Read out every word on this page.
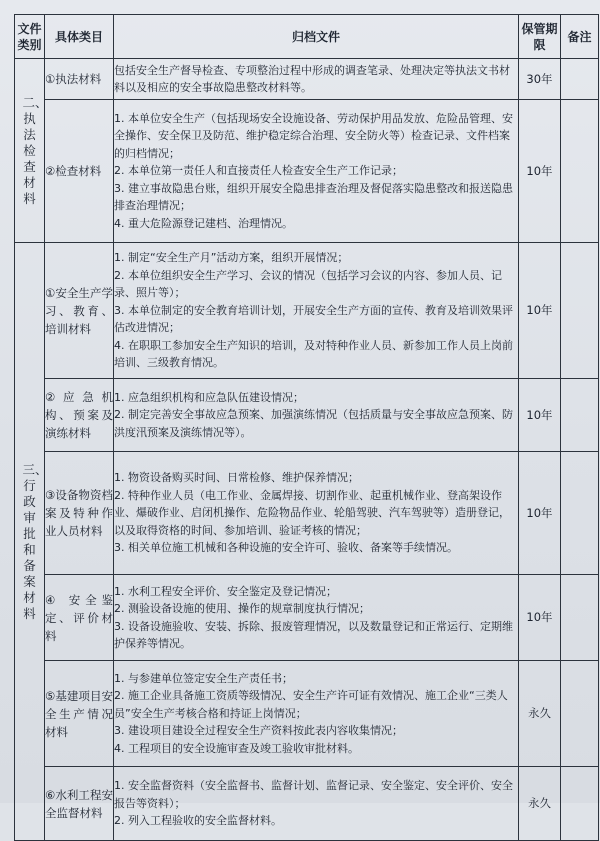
文件类别	具体类目	归档文件	保管期限	备注

二、执法检查材料	①执法材料	包括安全生产督导检查、专项整治过程中形成的调查笔录、处理决定等执法文书材料以及相应的安全事故隐患整改材料等。	30年	
	②检查材料	1. 本单位安全生产（包括现场安全设施设备、劳动保护用品发放、危险品管理、安全操作、安全保卫及防范、维护稳定综合治理、安全防火等）检查记录、文件档案的归档情况；

2. 本单位第一责任人和直接责任人检查安全生产工作记录；

3. 建立事故隐患台账，组织开展安全隐患排查治理及督促落实隐患整改和报送隐患排查治理情况；

4. 重大危险源登记建档、治理情况。	10年	

三、行政审批和备案材料	①安全生产学习、教育、培训材料	1. 制定“安全生产月”活动方案，组织开展情况；

2. 本单位组织安全生产学习、会议的情况（包括学习会议的内容、参加人员、记录、照片等）；

3. 本单位制定的安全教育培训计划，开展安全生产方面的宣传、教育及培训效果评估改进情况；

4. 在职职工参加安全生产知识的培训，及对特种作业人员、新参加工作人员上岗前培训、三级教育情况。	10年	
	② 应 急 机构、预案及演练材料	1. 应急组织机构和应急队伍建设情况；

2. 制定完善安全事故应急预案、加强演练情况（包括质量与安全事故应急预案、防洪度汛预案及演练情况等）。	10年	
	③设备物资档案及特种作业人员材料	1. 物资设备购买时间、日常检修、维护保养情况；

2. 特种作业人员（电工作业、金属焊接、切割作业、起重机械作业、登高架设作业、爆破作业、启闭机操作、危险物品作业、轮船驾驶、汽车驾驶等）造册登记，以及取得资格的时间、参加培训、验证考核的情况；

3. 相关单位施工机械和各种设施的安全许可、验收、备案等手续情况。	10年	
	④ 安全鉴定、评价材料	1. 水利工程安全评价、安全鉴定及登记情况；

2. 测验设备设施的使用、操作的规章制度执行情况；

3. 设备设施验收、安装、拆除、报废管理情况，以及数量登记和正常运行、定期维护保养等情况。	10年	
	⑤基建项目安全生产情况材料	1. 与参建单位签定安全生产责任书；

2. 施工企业具备施工资质等级情况、安全生产许可证有效情况、施工企业“三类人员”安全生产考核合格和持证上岗情况；

3. 建设项目建设全过程安全生产资料按此表内容收集情况；

4. 工程项目的安全设施审查及竣工验收审批材料。	永久	
	⑥水利工程安全监督材料	1. 安全监督资料（安全监督书、监督计划、监督记录、安全鉴定、安全评价、安全报告等资料）；

2. 列入工程验收的安全监督材料。	永久	
